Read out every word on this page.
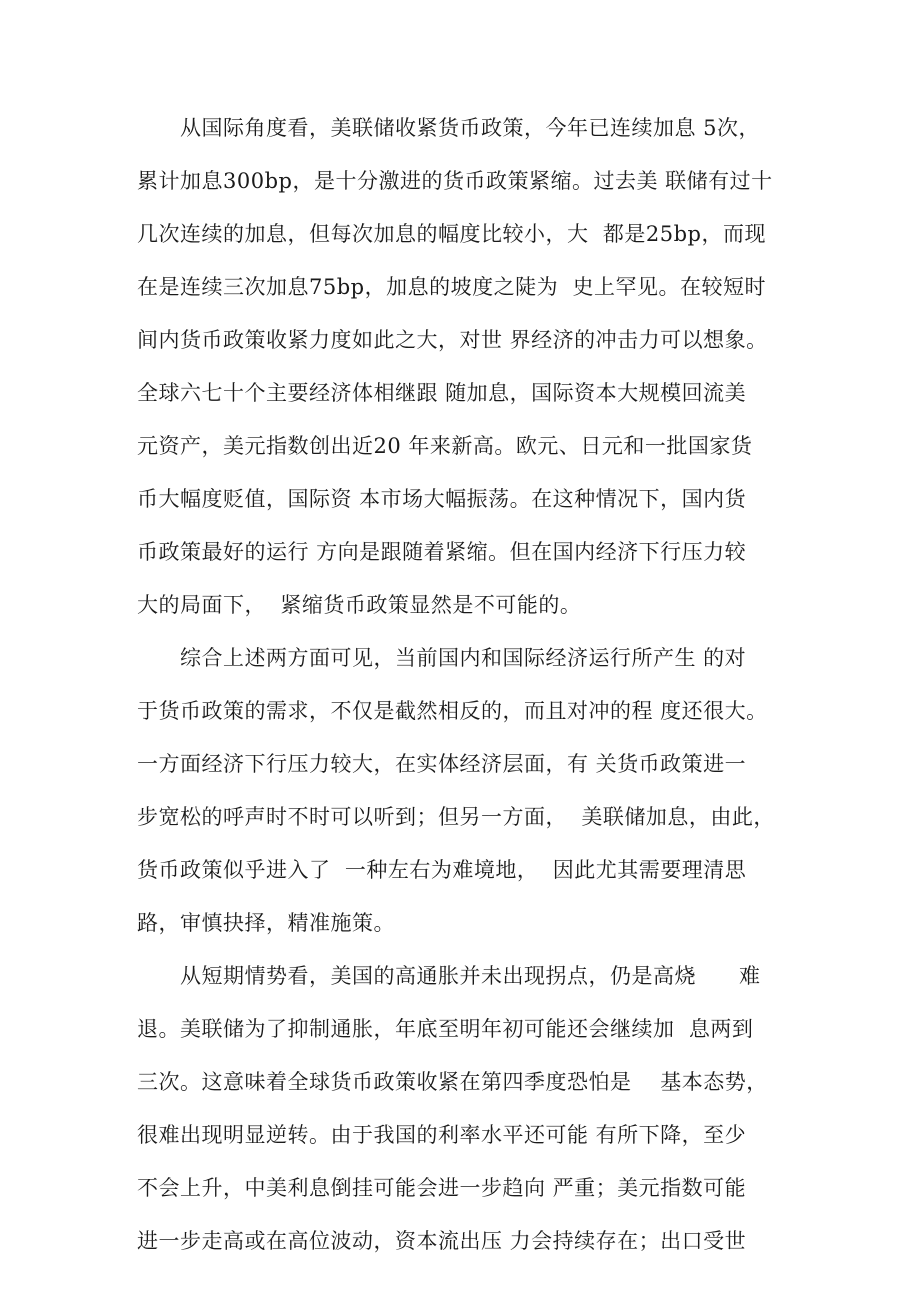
　　从国际角度看，美联储收紧货币政策，今年已连续加息 5次，
累计加息300bp，是十分激进的货币政策紧缩。过去美 联储有过十
几次连续的加息，但每次加息的幅度比较小，大  都是25bp，而现
在是连续三次加息75bp，加息的坡度之陡为  史上罕见。在较短时
间内货币政策收紧力度如此之大，对世 界经济的冲击力可以想象。
全球六七十个主要经济体相继跟 随加息，国际资本大规模回流美
元资产，美元指数创出近20 年来新高。欧元、日元和一批国家货
币大幅度贬值，国际资 本市场大幅振荡。在这种情况下，国内货
币政策最好的运行 方向是跟随着紧缩。但在国内经济下行压力较
大的局面下，  紧缩货币政策显然是不可能的。
　　综合上述两方面可见，当前国内和国际经济运行所产生 的对
于货币政策的需求，不仅是截然相反的，而且对冲的程 度还很大。
一方面经济下行压力较大，在实体经济层面，有 关货币政策进一
步宽松的呼声时不时可以听到；但另一方面，  美联储加息，由此，
货币政策似乎进入了  一种左右为难境地，  因此尤其需要理清思
路，审慎抉择，精准施策。
　　从短期情势看，美国的高通胀并未出现拐点，仍是高烧      难
退。美联储为了抑制通胀，年底至明年初可能还会继续加  息两到
三次。这意味着全球货币政策收紧在第四季度恐怕是    基本态势，
很难出现明显逆转。由于我国的利率水平还可能 有所下降，至少
不会上升，中美利息倒挂可能会进一步趋向 严重；美元指数可能
进一步走高或在高位波动，资本流出压 力会持续存在；出口受世
